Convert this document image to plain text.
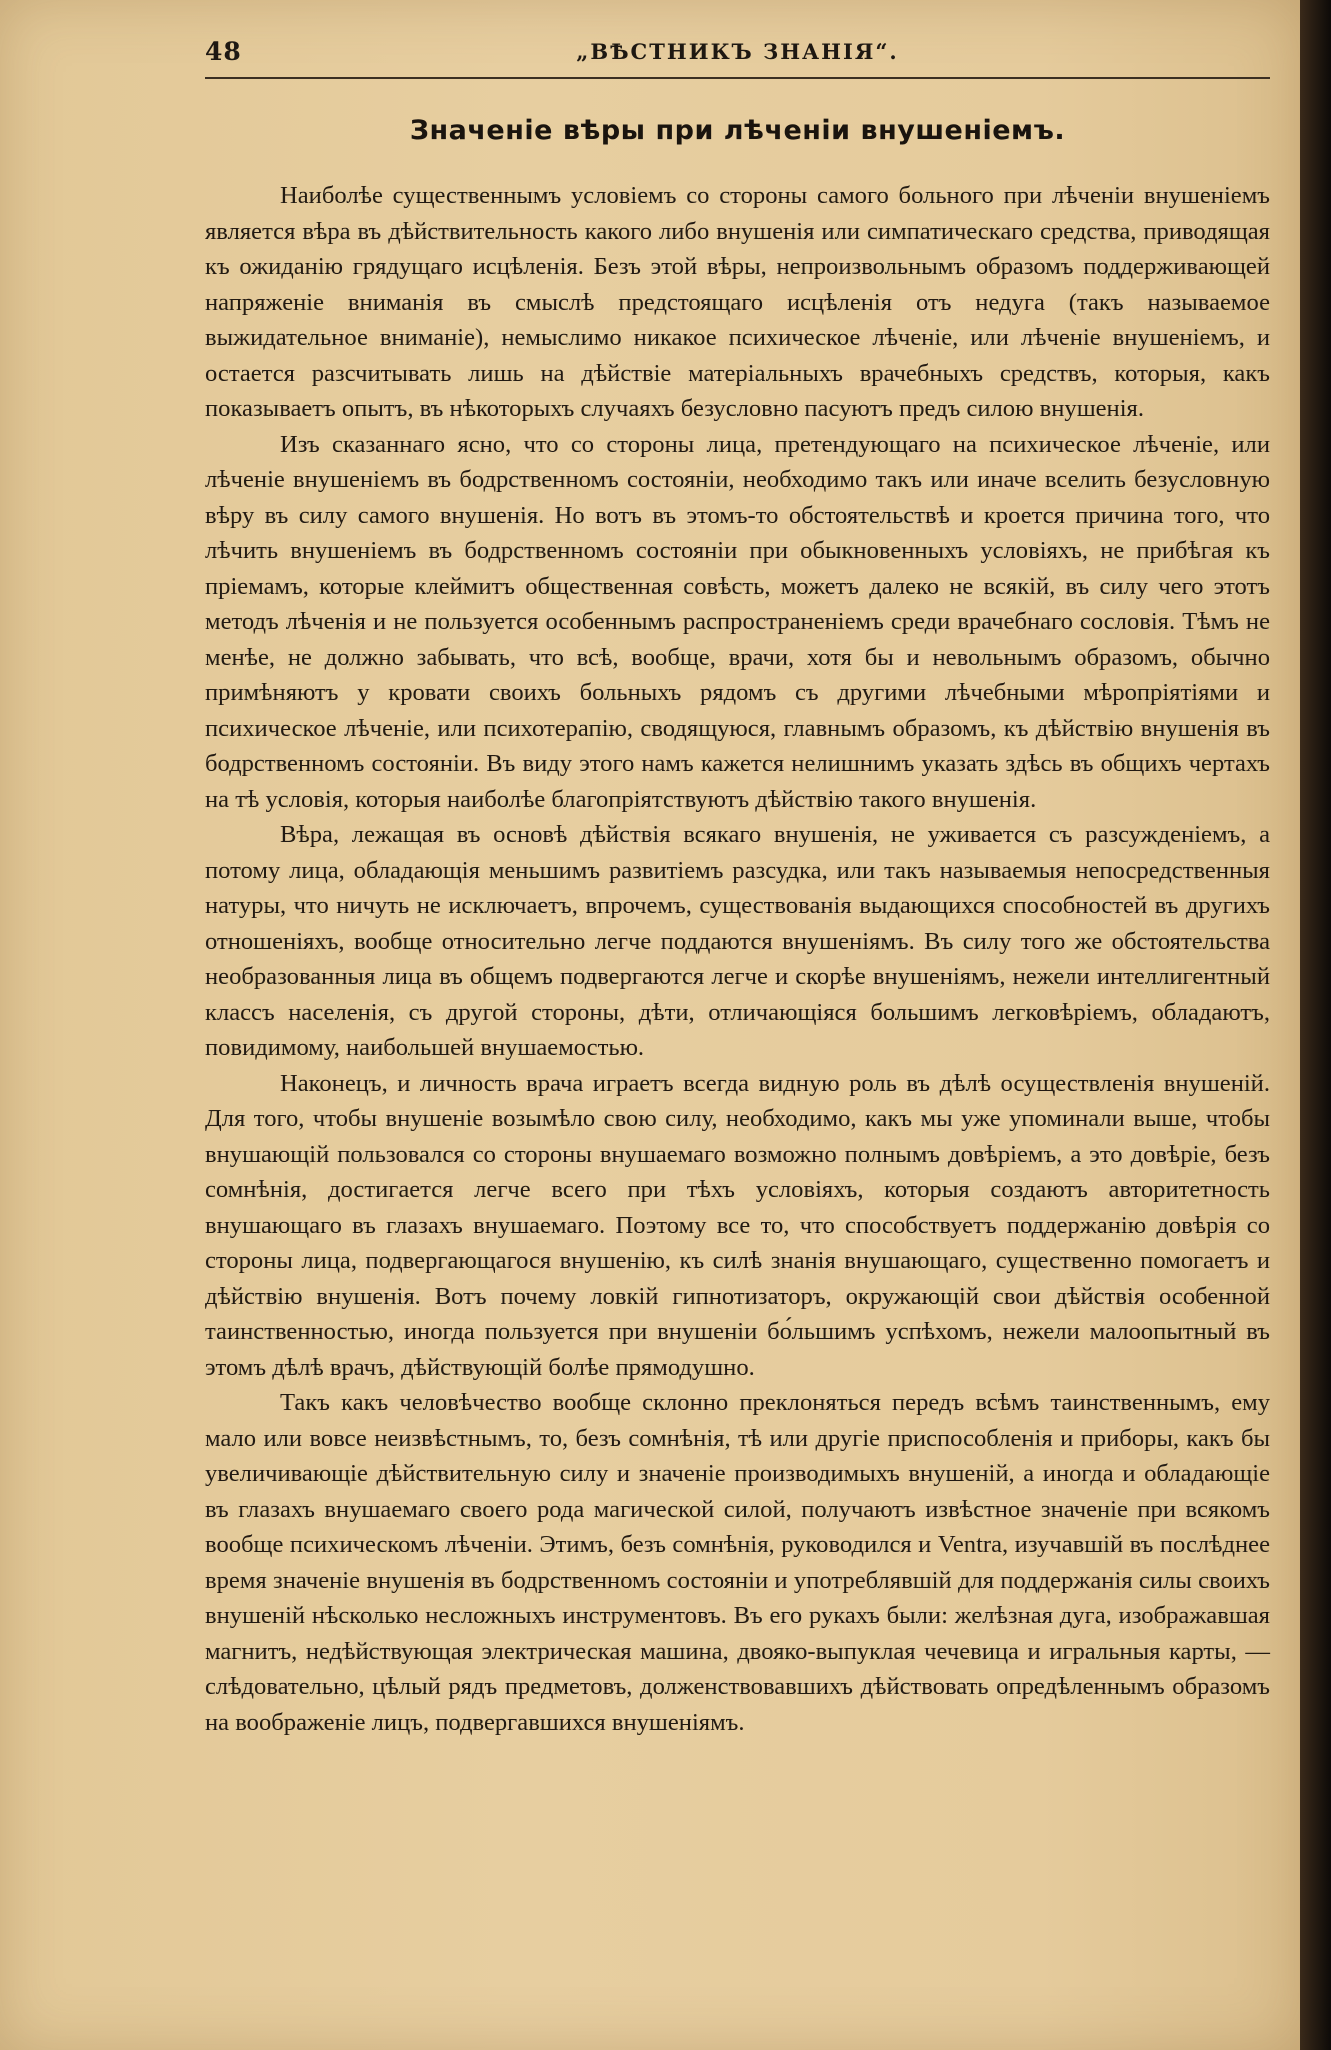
48	„ВѢСТНИКЪ ЗНАНІЯ“.
Значеніе вѣры при лѣченіи внушеніемъ.

Наиболѣе существеннымъ условіемъ со стороны самого больного при лѣченіи внушеніемъ является вѣра въ дѣйствительность какого либо внушенія или симпатическаго средства, приводящая къ ожиданію грядущаго исцѣленія. Безъ этой вѣры, непроизвольнымъ образомъ поддерживающей напряженіе вниманія въ смыслѣ предстоящаго исцѣленія отъ недуга (такъ называемое выжидательное вниманіе), немыслимо никакое психическое лѣченіе, или лѣченіе внушеніемъ, и остается разсчитывать лишь на дѣйствіе матеріальныхъ врачебныхъ средствъ, которыя, какъ показываетъ опытъ, въ нѣкоторыхъ случаяхъ безусловно пасуютъ предъ силою внушенія.

Изъ сказаннаго ясно, что со стороны лица, претендующаго на психическое лѣченіе, или лѣченіе внушеніемъ въ бодрственномъ состояніи, необходимо такъ или иначе вселить безусловную вѣру въ силу самого внушенія. Но вотъ въ этомъ-то обстоятельствѣ и кроется причина того, что лѣчить внушеніемъ въ бодрственномъ состояніи при обыкновенныхъ условіяхъ, не прибѣгая къ пріемамъ, которые клеймитъ общественная совѣсть, можетъ далеко не всякій, въ силу чего этотъ методъ лѣченія и не пользуется особеннымъ распространеніемъ среди врачебнаго сословія. Тѣмъ не менѣе, не должно забывать, что всѣ, вообще, врачи, хотя бы и невольнымъ образомъ, обычно примѣняютъ у кровати своихъ больныхъ рядомъ съ другими лѣчебными мѣропріятіями и психическое лѣченіе, или психотерапію, сводящуюся, главнымъ образомъ, къ дѣйствію внушенія въ бодрственномъ состояніи. Въ виду этого намъ кажется нелишнимъ указать здѣсь въ общихъ чертахъ на тѣ условія, которыя наиболѣе благопріятствуютъ дѣйствію такого внушенія.

Вѣра, лежащая въ основѣ дѣйствія всякаго внушенія, не уживается съ разсужденіемъ, а потому лица, обладающія меньшимъ развитіемъ разсудка, или такъ называемыя непосредственныя натуры, что ничуть не исключаетъ, впрочемъ, существованія выдающихся способностей въ другихъ отношеніяхъ, вообще относительно легче поддаются внушеніямъ. Въ силу того же обстоятельства необразованныя лица въ общемъ подвергаются легче и скорѣе внушеніямъ, нежели интеллигентный классъ населенія, съ другой стороны, дѣти, отличающіяся большимъ легковѣріемъ, обладаютъ, повидимому, наибольшей внушаемостью.

Наконецъ, и личность врача играетъ всегда видную роль въ дѣлѣ осуществленія внушеній. Для того, чтобы внушеніе возымѣло свою силу, необходимо, какъ мы уже упоминали выше, чтобы внушающій пользовался со стороны внушаемаго возможно полнымъ довѣріемъ, а это довѣріе, безъ сомнѣнія, достигается легче всего при тѣхъ условіяхъ, которыя создаютъ авторитетность внушающаго въ глазахъ внушаемаго. Поэтому все то, что способствуетъ поддержанію довѣрія со стороны лица, подвергающагося внушенію, къ силѣ знанія внушающаго, существенно помогаетъ и дѣйствію внушенія. Вотъ почему ловкій гипнотизаторъ, окружающій свои дѣйствія особенной таинственностью, иногда пользуется при внушеніи бо́льшимъ успѣхомъ, нежели малоопытный въ этомъ дѣлѣ врачъ, дѣйствующій болѣе прямодушно.

Такъ какъ человѣчество вообще склонно преклоняться передъ всѣмъ таинственнымъ, ему мало или вовсе неизвѣстнымъ, то, безъ сомнѣнія, тѣ или другіе приспособленія и приборы, какъ бы увеличивающіе дѣйствительную силу и значеніе производимыхъ внушеній, а иногда и обладающіе въ глазахъ внушаемаго своего рода магической силой, получаютъ извѣстное значеніе при всякомъ вообще психическомъ лѣченіи. Этимъ, безъ сомнѣнія, руководился и Ventra, изучавшій въ послѣднее время значеніе внушенія въ бодрственномъ состояніи и употреблявшій для поддержанія силы своихъ внушеній нѣсколько несложныхъ инструментовъ. Въ его рукахъ были: желѣзная дуга, изображавшая магнитъ, недѣйствующая электрическая машина, двояко-выпуклая чечевица и игральныя карты, — слѣдовательно, цѣлый рядъ предметовъ, долженствовавшихъ дѣйствовать опредѣленнымъ образомъ на воображеніе лицъ, подвергавшихся внушеніямъ.
